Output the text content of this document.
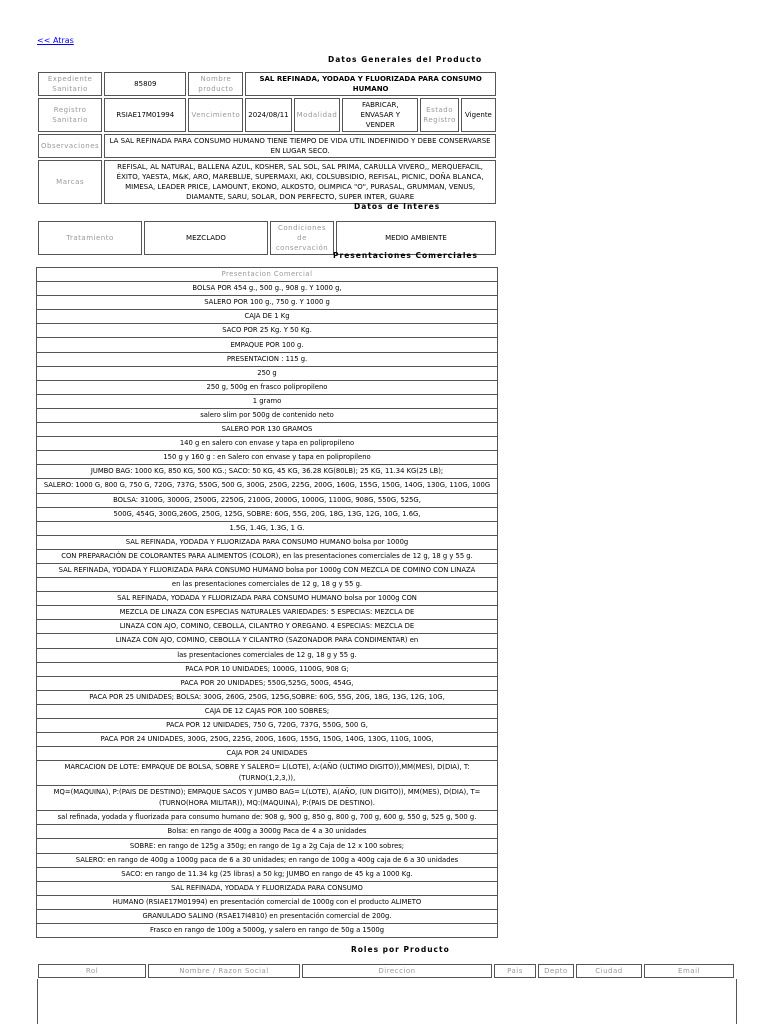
<< Atras
Datos Generales del Producto
Expediente Sanitario	85809	Nombre producto	SAL REFINADA, YODADA Y FLUORIZADA PARA CONSUMO HUMANO				
Registro Sanitario	RSIAE17M01994	Vencimiento	2024/08/11	Modalidad	FABRICAR, ENVASAR Y VENDER	Estado Registro	Vigente
Observaciones	LA SAL REFINADA PARA CONSUMO HUMANO TIENE TIEMPO DE VIDA UTIL INDEFINIDO Y DEBE CONSERVARSE EN LUGAR SECO.						
Marcas	REFISAL, AL NATURAL, BALLENA AZUL, KOSHER, SAL SOL, SAL PRIMA, CARULLA VIVERO,, MERQUEFACIL, ÉXITO, YAESTA, M&K, ARO, MAREBLUE, SUPERMAXI, AKI, COLSUBSIDIO, REFISAL, PICNIC, DOÑA BLANCA, MIMESA, LEADER PRICE, LAMOUNT, EKONO, ALKOSTO, OLIMPICA "O", PURASAL, GRUMMAN, VENUS, DIAMANTE, SARU, SOLAR, DON PERFECTO, SUPER INTER, GUARE						
Datos de Interes
Tratamiento	MEZCLADO	Condiciones de conservación	MEDIO AMBIENTE
Presentaciones Comerciales
Presentacion Comercial
BOLSA POR 454 g., 500 g., 908 g. Y 1000 g,
SALERO POR 100 g., 750 g. Y 1000 g
CAJA DE 1 Kg
SACO POR 25 Kg. Y 50 Kg.
EMPAQUE POR 100 g.
PRESENTACION : 115 g.
250 g
250 g, 500g en frasco polipropileno
1 gramo
salero slim por 500g de contenido neto
SALERO POR 130 GRAMOS
140 g en salero con envase y tapa en polipropileno
150 g y 160 g : en Salero con envase y tapa en polipropileno
JUMBO BAG: 1000 KG, 850 KG, 500 KG.; SACO: 50 KG, 45 KG, 36.28 KG(80LB); 25 KG, 11.34 KG(25 LB);
SALERO: 1000 G, 800 G, 750 G, 720G, 737G, 550G, 500 G, 300G, 250G, 225G, 200G, 160G, 155G, 150G, 140G, 130G, 110G, 100G
BOLSA: 3100G, 3000G, 2500G, 2250G, 2100G, 2000G, 1000G, 1100G, 908G, 550G, 525G,
500G, 454G, 300G,260G, 250G, 125G, SOBRE: 60G, 55G, 20G, 18G, 13G, 12G, 10G, 1.6G,
1.5G, 1.4G, 1.3G, 1 G.
SAL REFINADA, YODADA Y FLUORIZADA PARA CONSUMO HUMANO bolsa por 1000g
CON PREPARACIÓN DE COLORANTES PARA ALIMENTOS (COLOR), en las presentaciones comerciales de 12 g, 18 g y 55 g.
SAL REFINADA, YODADA Y FLUORIZADA PARA CONSUMO HUMANO bolsa por 1000g CON MEZCLA DE COMINO CON LINAZA
en las presentaciones comerciales de 12 g, 18 g y 55 g.
SAL REFINADA, YODADA Y FLUORIZADA PARA CONSUMO HUMANO bolsa por 1000g CON
MEZCLA DE LINAZA CON ESPECIAS NATURALES VARIEDADES: 5 ESPECIAS: MEZCLA DE
LINAZA CON AJO, COMINO, CEBOLLA, CILANTRO Y OREGANO. 4 ESPECIAS: MEZCLA DE
LINAZA CON AJO, COMINO, CEBOLLA Y CILANTRO (SAZONADOR PARA CONDIMENTAR) en
las presentaciones comerciales de 12 g, 18 g y 55 g.
PACA POR 10 UNIDADES; 1000G, 1100G, 908 G;
PACA POR 20 UNIDADES; 550G,525G, 500G, 454G,
PACA POR 25 UNIDADES; BOLSA: 300G, 260G, 250G, 125G,SOBRE: 60G, 55G, 20G, 18G, 13G, 12G, 10G,
CAJA DE 12 CAJAS POR 100 SOBRES;
PACA POR 12 UNIDADES, 750 G, 720G, 737G, 550G, 500 G,
PACA POR 24 UNIDADES, 300G, 250G, 225G, 200G, 160G, 155G, 150G, 140G, 130G, 110G, 100G,
CAJA POR 24 UNIDADES
MARCACION DE LOTE: EMPAQUE DE BOLSA, SOBRE Y SALERO= L(LOTE), A:(AÑO (ULTIMO DIGITO)),MM(MES), D(DIA), T:(TURNO(1,2,3,)),
MQ=(MAQUINA), P:(PAIS DE DESTINO); EMPAQUE SACOS Y JUMBO BAG= L(LOTE), A(AÑO, (UN DIGITO)), MM(MES), D(DIA), T= (TURNO(HORA MILITAR)), MQ:(MAQUINA), P:(PAIS DE DESTINO).
sal refinada, yodada y fluorizada para consumo humano de: 908 g, 900 g, 850 g, 800 g, 700 g, 600 g, 550 g, 525 g, 500 g.
Bolsa: en rango de 400g a 3000g Paca de 4 a 30 unidades
SOBRE: en rango de 125g a 350g; en rango de 1g a 2g Caja de 12 x 100 sobres;
SALERO: en rango de 400g a 1000g paca de 6 a 30 unidades; en rango de 100g a 400g caja de 6 a 30 unidades
SACO: en rango de 11.34 kg (25 libras) a 50 kg; JUMBO en rango de 45 kg a 1000 Kg.
SAL REFINADA, YODADA Y FLUORIZADA PARA CONSUMO
HUMANO (RSIAE17M01994) en presentación comercial de 1000g con el producto ALIMETO
GRANULADO SALINO (RSAE17I4810) en presentación comercial de 200g.
Frasco en rango de 100g a 5000g, y salero en rango de 50g a 1500g
Roles por Producto
Rol	Nombre / Razon Social	Direccion	Pais	Depto	Ciudad	Email
